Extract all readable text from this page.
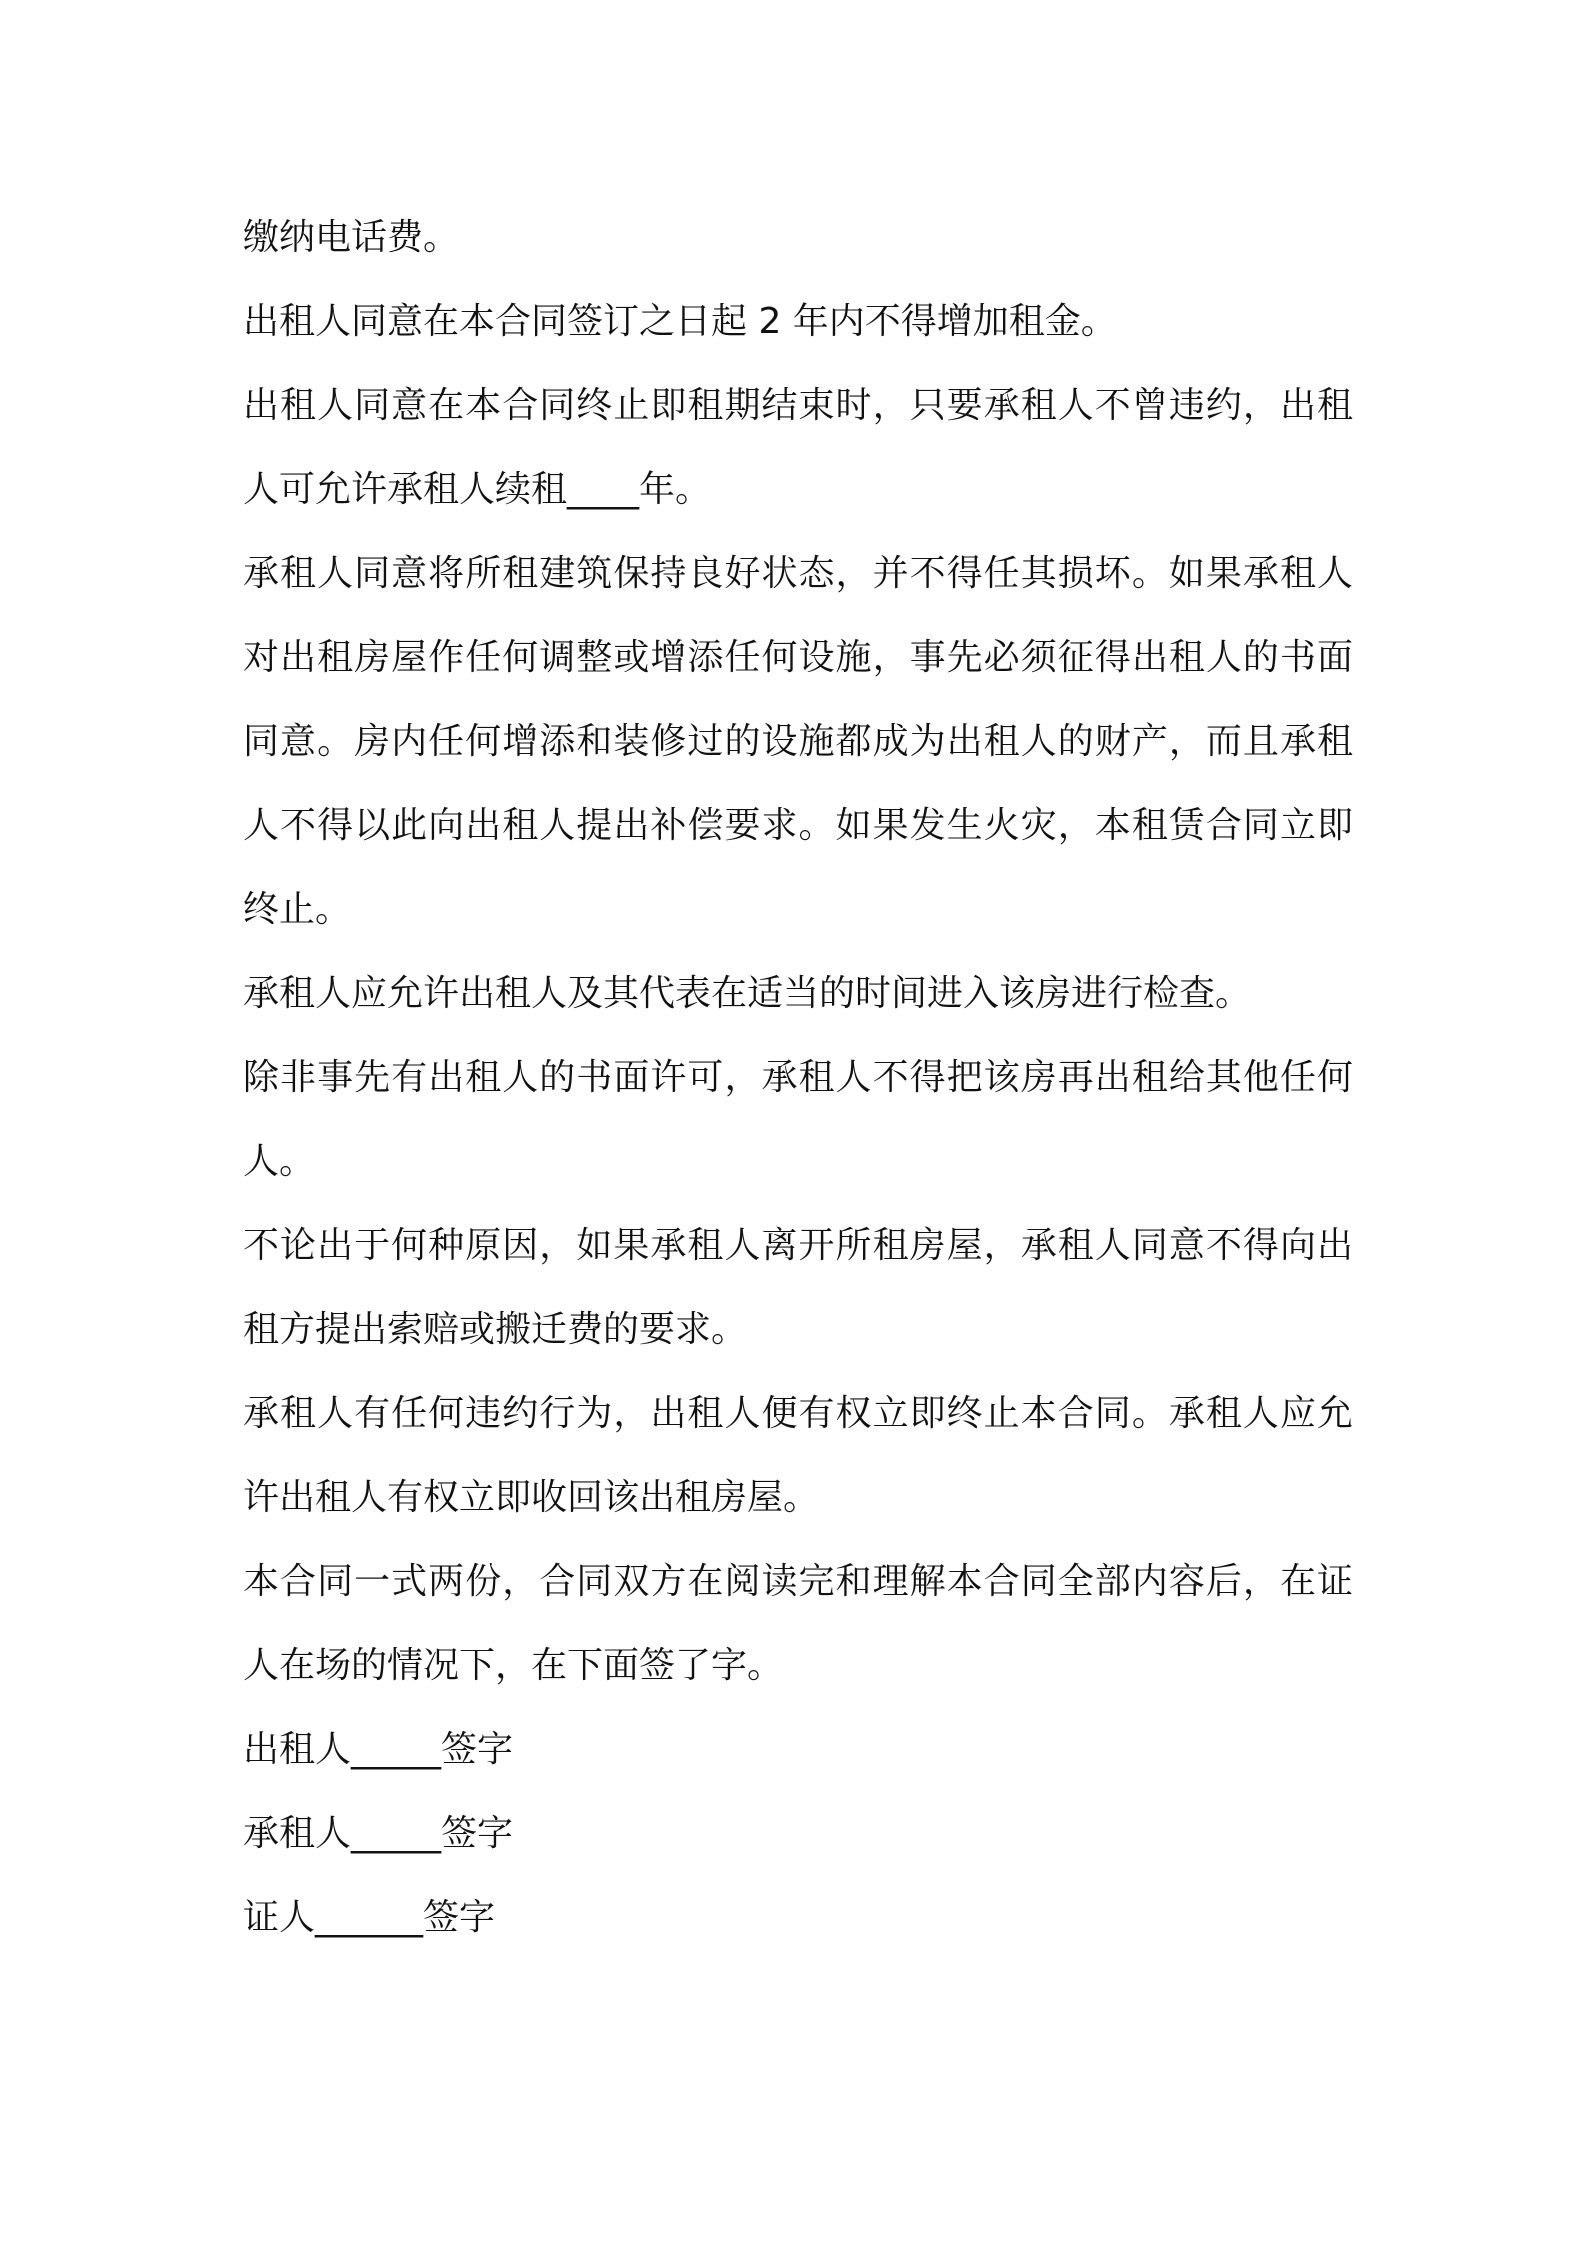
缴纳电话费。

出租人同意在本合同签订之日起 2 年内不得增加租金。

出租人同意在本合同终止即租期结束时，只要承租人不曾违约，出租人可允许承租人续租____年。

承租人同意将所租建筑保持良好状态，并不得任其损坏。如果承租人对出租房屋作任何调整或增添任何设施，事先必须征得出租人的书面同意。房内任何增添和装修过的设施都成为出租人的财产，而且承租人不得以此向出租人提出补偿要求。如果发生火灾，本租赁合同立即终止。

承租人应允许出租人及其代表在适当的时间进入该房进行检查。

除非事先有出租人的书面许可，承租人不得把该房再出租给其他任何人。

不论出于何种原因，如果承租人离开所租房屋，承租人同意不得向出租方提出索赔或搬迁费的要求。

承租人有任何违约行为，出租人便有权立即终止本合同。承租人应允许出租人有权立即收回该出租房屋。

本合同一式两份，合同双方在阅读完和理解本合同全部内容后，在证人在场的情况下，在下面签了字。

出租人_____签字

承租人_____签字

证人______签字
